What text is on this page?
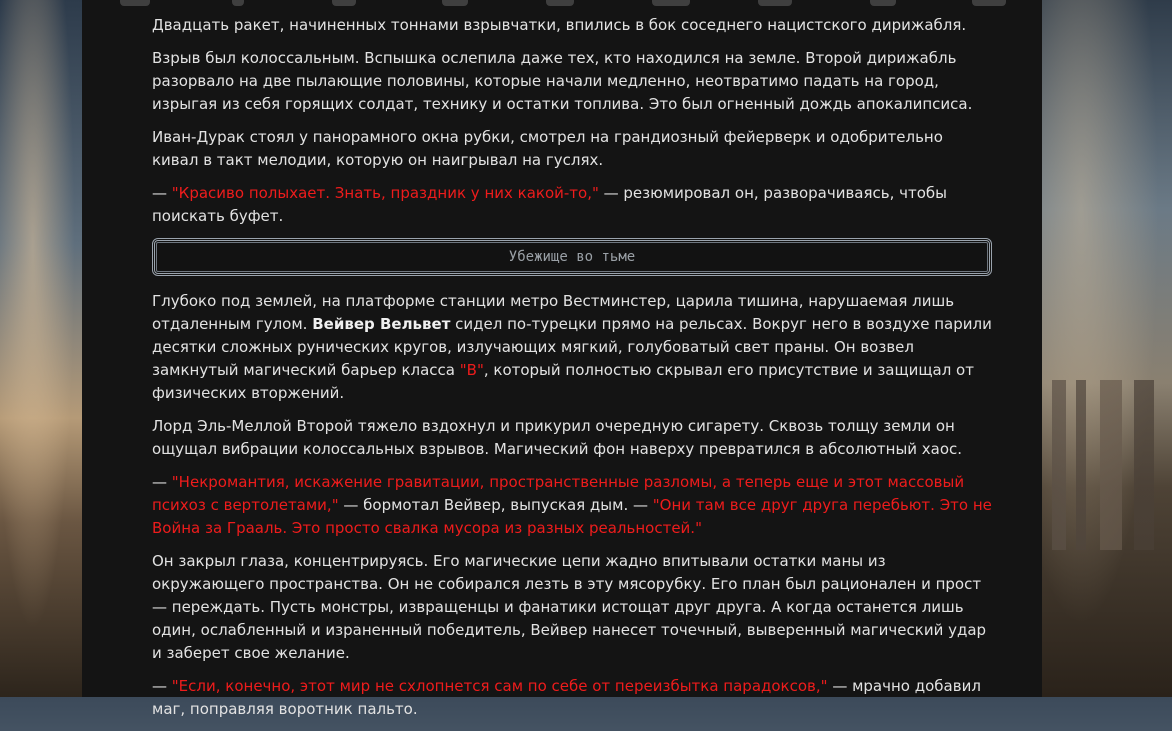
Двадцать ракет, начиненных тоннами взрывчатки, впились в бок соседнего нацистского дирижабля.

Взрыв был колоссальным. Вспышка ослепила даже тех, кто находился на земле. Второй дирижабль разорвало на две пылающие половины, которые начали медленно, неотвратимо падать на город, изрыгая из себя горящих солдат, технику и остатки топлива. Это был огненный дождь апокалипсиса.

Иван-Дурак стоял у панорамного окна рубки, смотрел на грандиозный фейерверк и одобрительно кивал в такт мелодии, которую он наигрывал на гуслях.

— "Красиво полыхает. Знать, праздник у них какой-то," — резюмировал он, разворачиваясь, чтобы поискать буфет.

Убежище во тьме

Глубоко под землей, на платформе станции метро Вестминстер, царила тишина, нарушаемая лишь отдаленным гулом. Вейвер Вельвет сидел по-турецки прямо на рельсах. Вокруг него в воздухе парили десятки сложных рунических кругов, излучающих мягкий, голубоватый свет праны. Он возвел замкнутый магический барьер класса "B", который полностью скрывал его присутствие и защищал от физических вторжений.

Лорд Эль-Меллой Второй тяжело вздохнул и прикурил очередную сигарету. Сквозь толщу земли он ощущал вибрации колоссальных взрывов. Магический фон наверху превратился в абсолютный хаос.

— "Некромантия, искажение гравитации, пространственные разломы, а теперь еще и этот массовый психоз с вертолетами," — бормотал Вейвер, выпуская дым. — "Они там все друг друга перебьют. Это не Война за Грааль. Это просто свалка мусора из разных реальностей."

Он закрыл глаза, концентрируясь. Его магические цепи жадно впитывали остатки маны из окружающего пространства. Он не собирался лезть в эту мясорубку. Его план был рационален и прост — переждать. Пусть монстры, извращенцы и фанатики истощат друг друга. А когда останется лишь один, ослабленный и израненный победитель, Вейвер нанесет точечный, выверенный магический удар и заберет свое желание.

— "Если, конечно, этот мир не схлопнется сам по себе от переизбытка парадоксов," — мрачно добавил маг, поправляя воротник пальто.
